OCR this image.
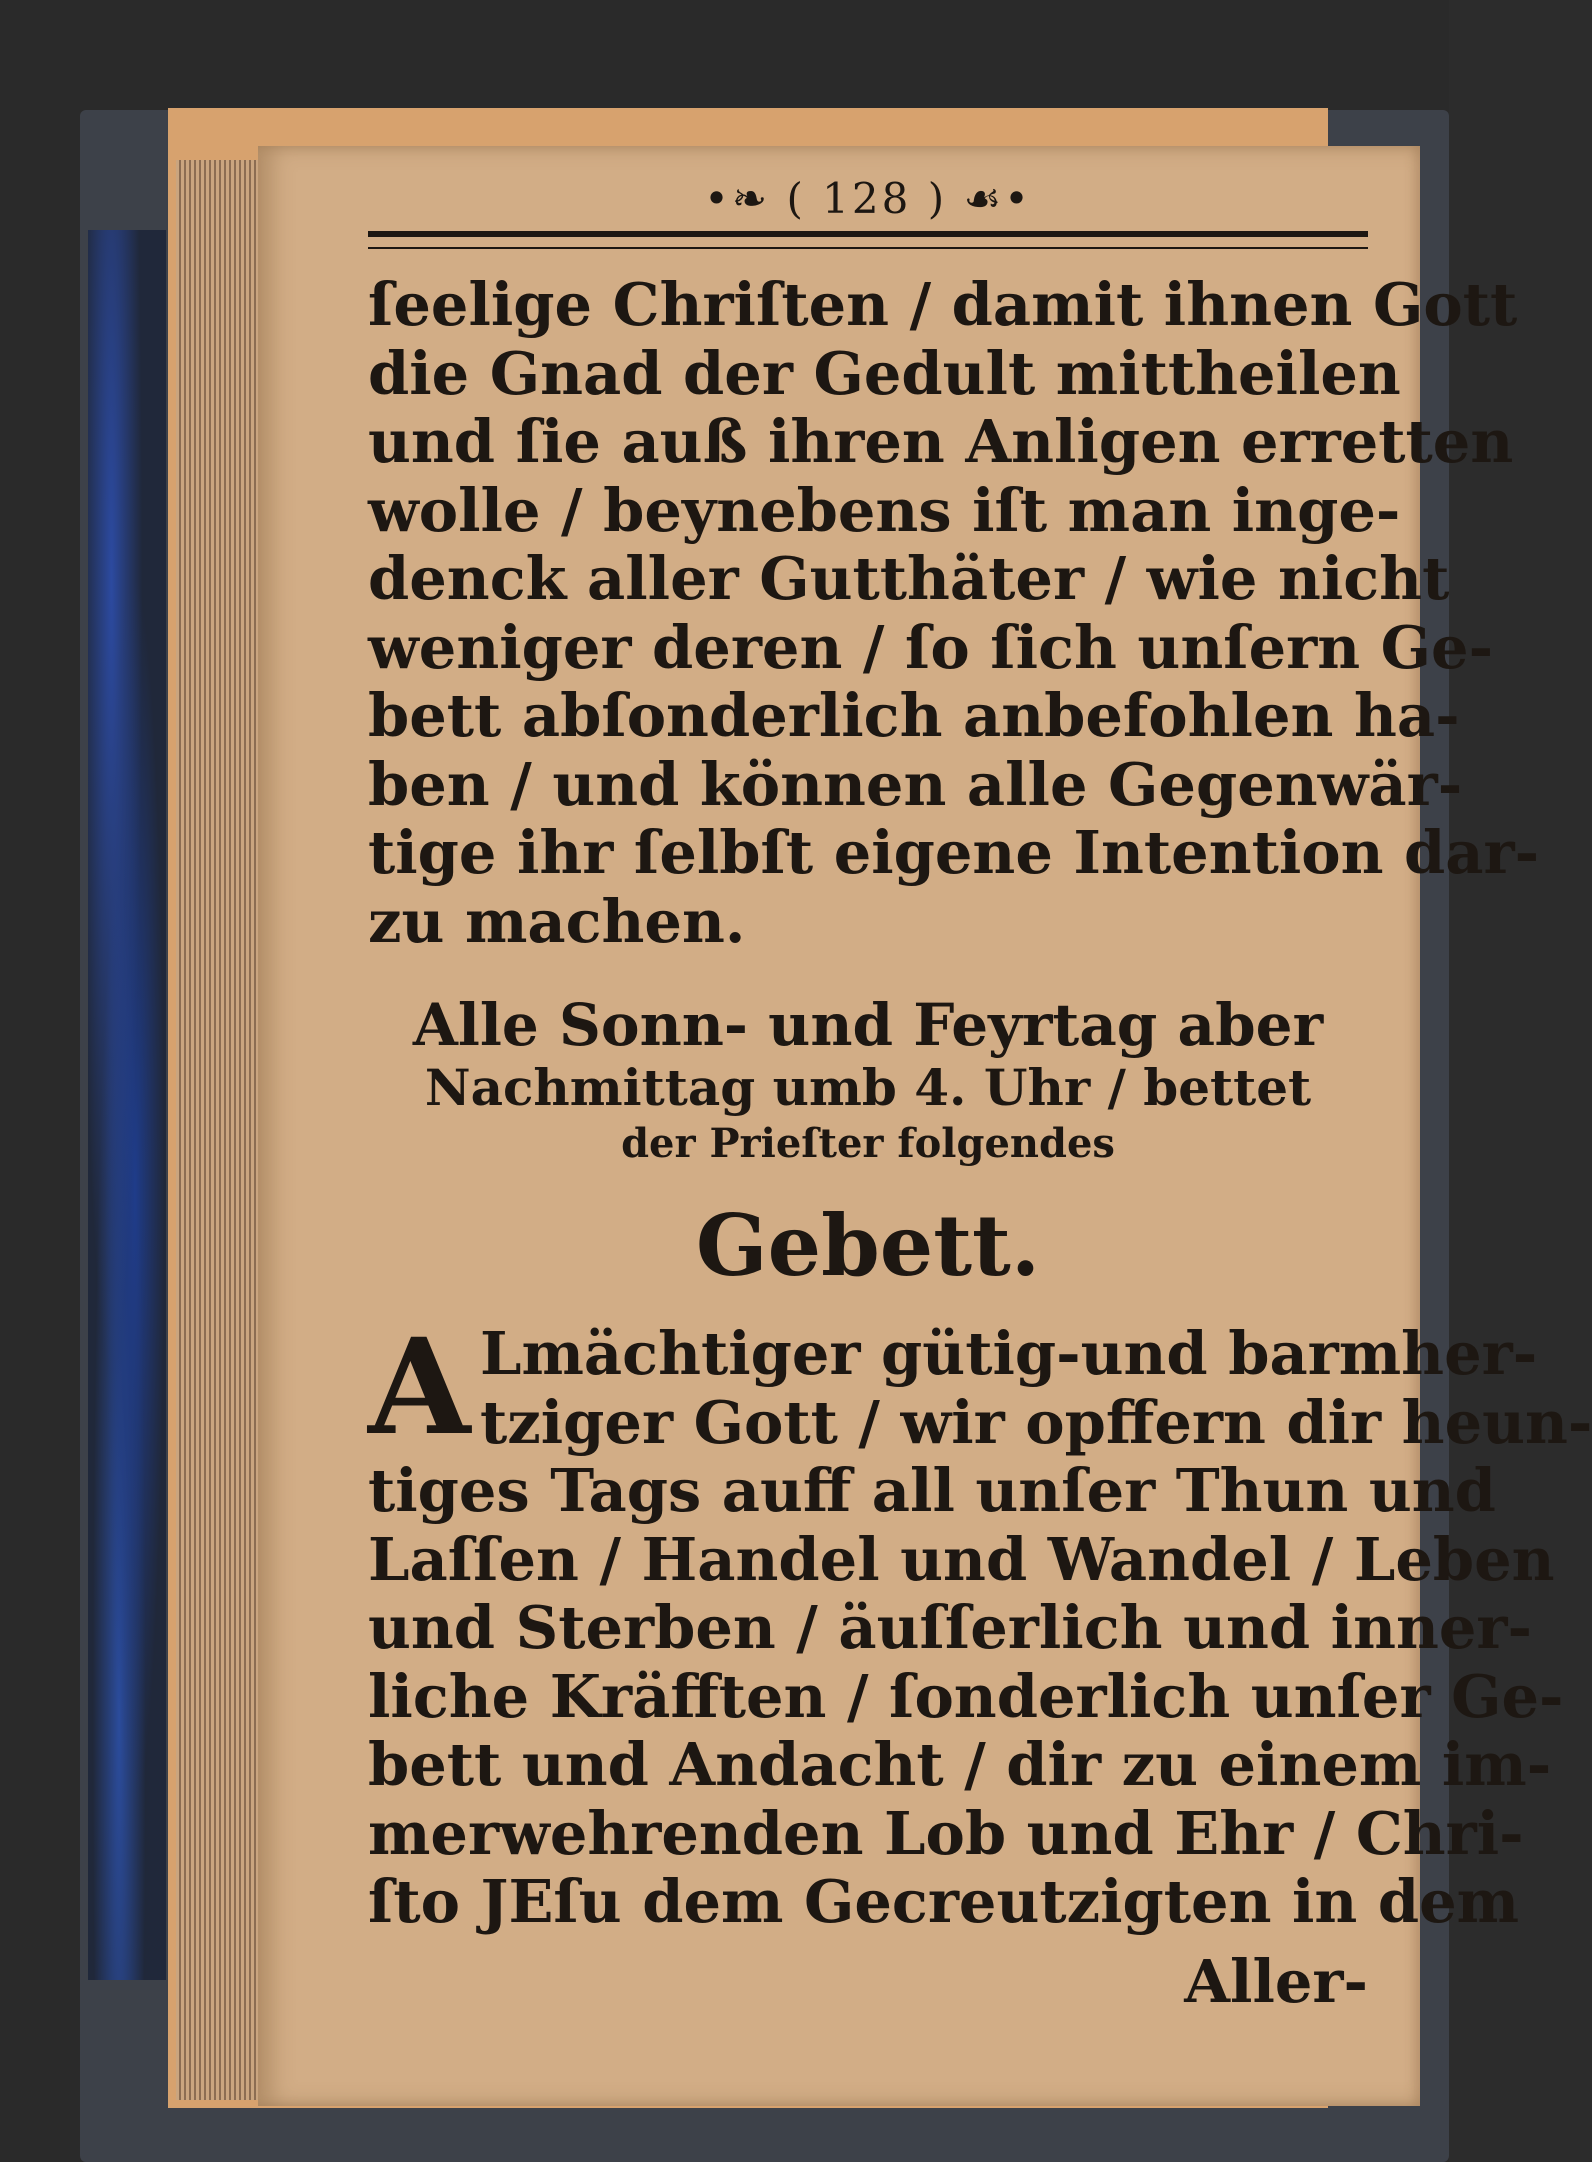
•❧ ( 128 ) ☙•
ſeelige Chriſten / damit ihnen Gott
die Gnad der Gedult mittheilen
und ſie auß ihren Anligen erretten
wolle / beynebens iſt man inge-
denck aller Gutthäter / wie nicht
weniger deren / ſo ſich unſern Ge-
bett abſonderlich anbefohlen ha-
ben / und können alle Gegenwär-
tige ihr ſelbſt eigene Intention dar-
zu machen.
Alle Sonn- und Feyrtag aber
Nachmittag umb 4. Uhr / bettet
der Prieſter folgendes
Gebett.
A Lmächtiger gütig-und barmher-
tziger Gott / wir opffern dir heun-
tiges Tags auff all unſer Thun und
Laſſen / Handel und Wandel / Leben
und Sterben / äuſſerlich und inner-
liche Kräfften / ſonderlich unſer Ge-
bett und Andacht / dir zu einem im-
merwehrenden Lob und Ehr / Chri-
ſto JEſu dem Gecreutzigten in dem
Aller-
